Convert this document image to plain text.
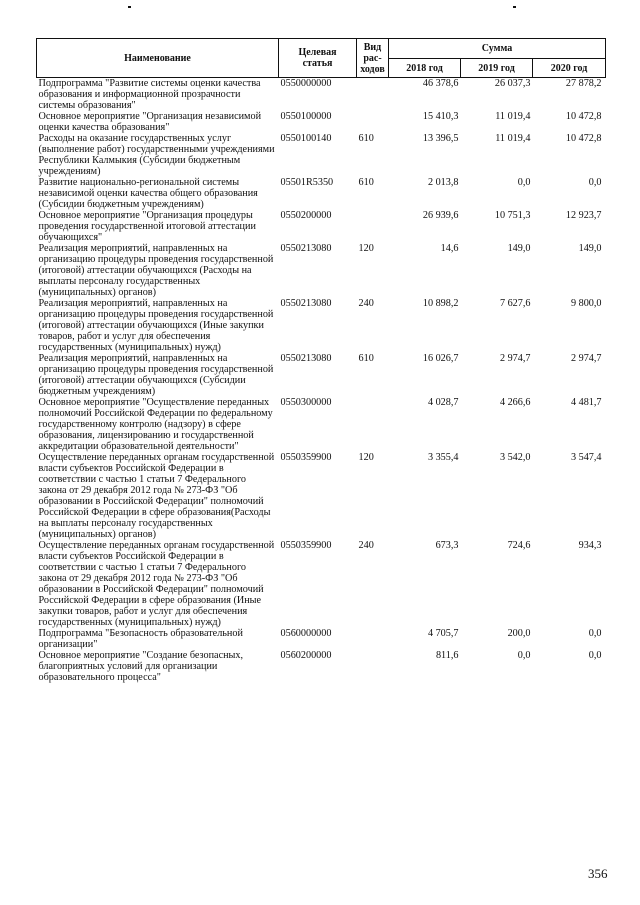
Наименование	Целевая статья	Вид рас-ходов	Сумма		
			2018 год	2019 год	2020 год
Подпрограмма "Развитие системы оценки качества образования и информационной прозрачности системы образования"	0550000000		46 378,6	26 037,3	27 878,2
Основное мероприятие "Организация независимой оценки качества образования"	0550100000		15 410,3	11 019,4	10 472,8
Расходы на оказание государственных услуг (выполнение работ) государственными учреждениями Республики Калмыкия (Субсидии бюджетным учреждениям)	0550100140	610	13 396,5	11 019,4	10 472,8
Развитие национально-региональной системы независимой оценки качества общего образования (Субсидии бюджетным учреждениям)	05501R5350	610	2 013,8	0,0	0,0
Основное мероприятие "Организация процедуры проведения государственной итоговой аттестации обучающихся"	0550200000		26 939,6	10 751,3	12 923,7
Реализация мероприятий, направленных на организацию процедуры проведения государственной (итоговой) аттестации обучающихся (Расходы на выплаты персоналу государственных (муниципальных) органов)	0550213080	120	14,6	149,0	149,0
Реализация мероприятий, направленных на организацию процедуры проведения государственной (итоговой) аттестации обучающихся (Иные закупки товаров, работ и услуг для обеспечения государственных (муниципальных) нужд)	0550213080	240	10 898,2	7 627,6	9 800,0
Реализация мероприятий, направленных на организацию процедуры проведения государственной (итоговой) аттестации обучающихся (Субсидии бюджетным учреждениям)	0550213080	610	16 026,7	2 974,7	2 974,7
Основное мероприятие "Осуществление переданных полномочий Российской Федерации по федеральному государственному контролю (надзору) в сфере образования, лицензированию и государственной аккредитации образовательной деятельности"	0550300000		4 028,7	4 266,6	4 481,7
Осуществление переданных органам государственной власти субъектов Российской Федерации в соответствии с частью 1 статьи 7 Федерального закона от 29 декабря 2012 года № 273-ФЗ "Об образовании в Российской Федерации" полномочий Российской Федерации в сфере образования(Расходы на выплаты персоналу государственных (муниципальных) органов)	0550359900	120	3 355,4	3 542,0	3 547,4
Осуществление переданных органам государственной власти субъектов Российской Федерации в соответствии с частью 1 статьи 7 Федерального закона от 29 декабря 2012 года № 273-ФЗ "Об образовании в Российской Федерации" полномочий Российской Федерации в сфере образования (Иные закупки товаров, работ и услуг для обеспечения государственных (муниципальных) нужд)	0550359900	240	673,3	724,6	934,3
Подпрограмма "Безопасность образовательной организации"	0560000000		4 705,7	200,0	0,0
Основное мероприятие "Создание безопасных, благоприятных условий для организации образовательного процесса"	0560200000		811,6	0,0	0,0
356
